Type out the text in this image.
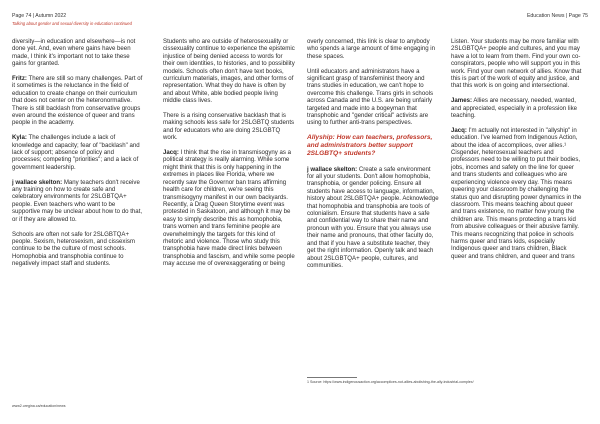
Page 74 | Autumn 2022
Talking about gender and sexual diversity in education continued
Education News | Page 75

diversity—in education and elsewhere—is not done yet. And, even where gains have been made, I think it's important not to take these gains for granted.

Fritz: There are still so many challenges. Part of it sometimes is the reluctance in the field of education to create change on their curriculum that does not center on the heteronormative. There is still backlash from conservative groups even around the existence of queer and trans people in the academy.

Kyla: The challenges include a lack of knowledge and capacity; fear of "backlash" and lack of support; absence of policy and processes; competing "priorities"; and a lack of government leadership.

j wallace skelton: Many teachers don't receive any training on how to create safe and celebratory environments for 2SLGBTQA+ people. Even teachers who want to be supportive may be unclear about how to do that, or if they are allowed to.

Schools are often not safe for 2SLGBTQA+ people. Sexism, heterosexism, and cissexism continue to be the culture of most schools. Homophobia and transphobia continue to negatively impact staff and students.

Students who are outside of heterosexuality or cissexuality continue to experience the epistemic injustice of being denied access to words for their own identities, to histories, and to possibility models. Schools often don't have text books, curriculum materials, images, and other forms of representation. What they do have is often by and about White, able bodied people living middle class lives.

There is a rising conservative backlash that is making schools less safe for 2SLGBTQ students and for educators who are doing 2SLGBTQ work.

Jacq: I think that the rise in transmisogyny as a political strategy is really alarming. While some might think that this is only happening in the extremes in places like Florida, where we recently saw the Governor ban trans affirming health care for children, we're seeing this transmisogyny manifest in our own backyards. Recently, a Drag Queen Storytime event was protested in Saskatoon, and although it may be easy to simply describe this as homophobia, trans women and trans feminine people are overwhelmingly the targets for this kind of rhetoric and violence. Those who study this transphobia have made direct links between transphobia and fascism, and while some people may accuse me of overexaggerating or being

overly concerned, this link is clear to anybody who spends a large amount of time engaging in these spaces.

Until educators and administrators have a significant grasp of transfeminist theory and trans studies in education, we can't hope to overcome this challenge. Trans girls in schools across Canada and the U.S. are being unfairly targeted and made into a bogeyman that transphobic and "gender critical" activists are using to further anti-trans perspectives.

Allyship: How can teachers, professors, and administrators better support 2SLGBTQ+ students?

j wallace skelton: Create a safe environment for all your students. Don't allow homophobia, transphobia, or gender policing. Ensure all students have access to language, information, history about 2SLGBTQA+ people. Acknowledge that homophobia and transphobia are tools of colonialism. Ensure that students have a safe and confidential way to share their name and pronoun with you. Ensure that you always use their name and pronouns, that other faculty do, and that if you have a substitute teacher, they get the right information. Openly talk and teach about 2SLGBTQA+ people, cultures, and communities.

Listen. Your students may be more familiar with 2SLGBTQA+ people and cultures, and you may have a lot to learn from them. Find your own co-conspirators, people who will support you in this work. Find your own network of allies. Know that this is part of the work of equity and justice, and that this work is on going and intersectional.

James: Allies are necessary, needed, wanted, and appreciated, especially in a profession like teaching.

Jacq: I'm actually not interested in "allyship" in education. I've learned from Indigenous Action, about the idea of accomplices, over allies.¹ Cisgender, heterosexual teachers and professors need to be willing to put their bodies, jobs, incomes and safety on the line for queer and trans students and colleagues who are experiencing violence every day. This means queering your classroom by challenging the status quo and disrupting power dynamics in the classroom. This means teaching about queer and trans existence, no matter how young the children are. This means protecting a trans kid from abusive colleagues or their abusive family. This means recognizing that police in schools harms queer and trans kids, especially Indigenous queer and trans children, Black queer and trans children, and queer and trans

1 Source: https://www.indigenousaction.org/accomplices-not-allies-abolishing-the-ally-industrial-complex/
www2.uregina.ca/education/news
